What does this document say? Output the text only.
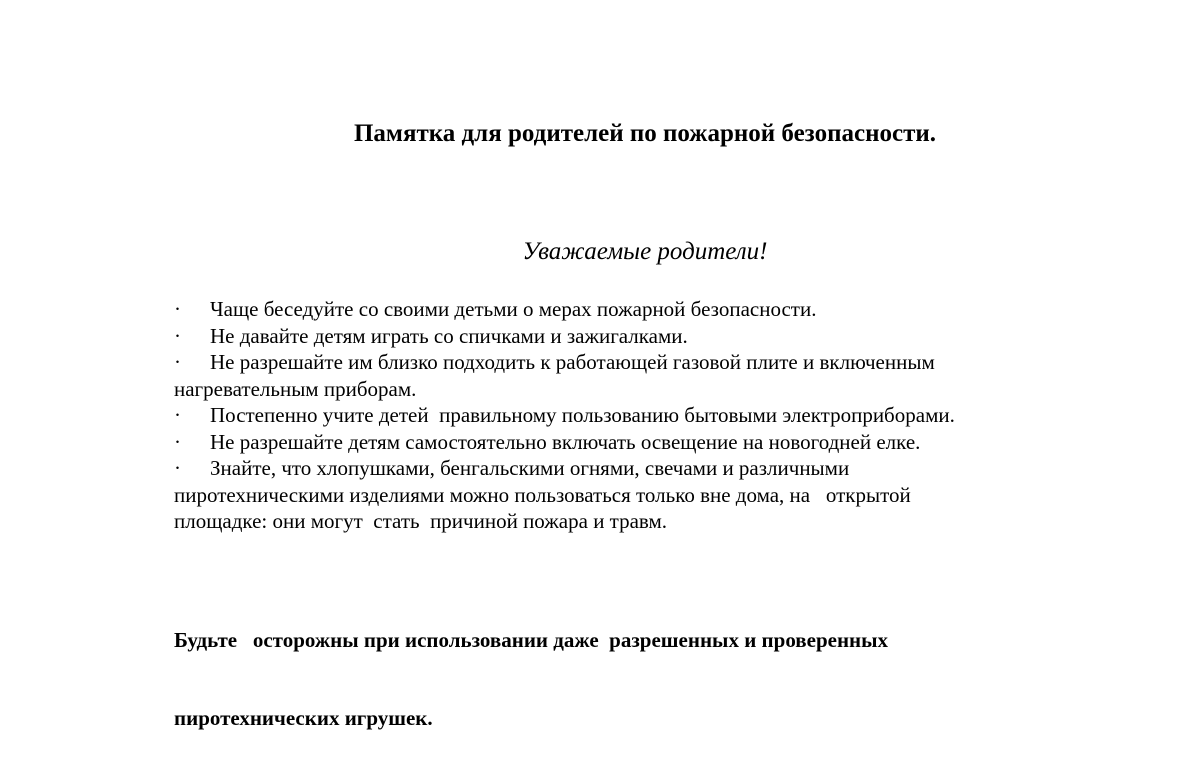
Памятка для родителей по пожарной безопасности.
Уважаемые родители!
· Чаще беседуйте со своими детьми о мерах пожарной безопасности.
· Не давайте детям играть со спичками и зажигалками.
· Не разрешайте им близко подходить к работающей газовой плите и включенным
нагревательным приборам.
· Постепенно учите детей  правильному пользованию бытовыми электроприборами.
· Не разрешайте детям самостоятельно включать освещение на новогодней елке.
· Знайте, что хлопушками, бенгальскими огнями, свечами и различными
пиротехническими изделиями можно пользоваться только вне дома, на   открытой
площадке: они могут  стать  причиной пожара и травм.

Будьте   осторожны при использовании даже  разрешенных и проверенных

пиротехнических игрушек.
